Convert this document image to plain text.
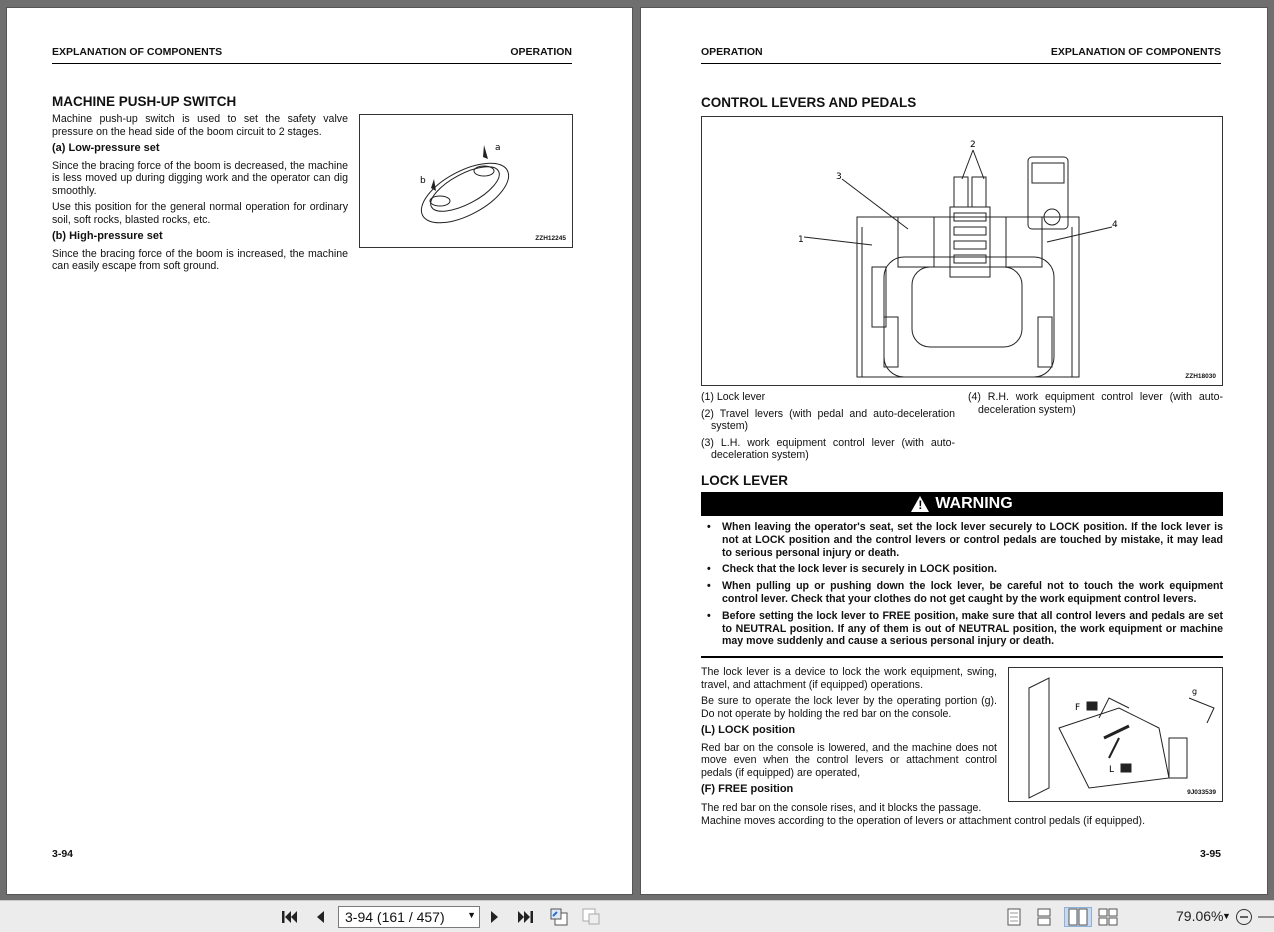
EXPLANATION OF COMPONENTS	OPERATION
MACHINE PUSH-UP SWITCH

Machine push-up switch is used to set the safety valve pressure on the head side of the boom circuit to 2 stages.

(a) Low-pressure set

Since the bracing force of the boom is decreased, the machine is less moved up during digging work and the operator can dig smoothly.

Use this position for the general normal operation for ordinary soil, soft rocks, blasted rocks, etc.

(b) High-pressure set

Since the bracing force of the boom is increased, the machine can easily escape from soft ground.

a
b
ZZH12245
3-94
OPERATION	EXPLANATION OF COMPONENTS
CONTROL LEVERS AND PEDALS
1
2
3
4
ZZH18030
(1) Lock lever
(2) Travel levers (with pedal and auto-deceleration system)
(3) L.H. work equipment control lever (with auto-deceleration system)
(4) R.H. work equipment control lever (with auto-deceleration system)
LOCK LEVER
!
WARNING
• When leaving the operator's seat, set the lock lever securely to LOCK position. If the lock lever is not at LOCK position and the control levers or control pedals are touched by mistake, it may lead to serious personal injury or death.
• Check that the lock lever is securely in LOCK position.
• When pulling up or pushing down the lock lever, be careful not to touch the work equipment control lever. Check that your clothes do not get caught by the work equipment control levers.
• Before setting the lock lever to FREE position, make sure that all control levers and pedals are set to NEUTRAL position. If any of them is out of NEUTRAL position, the work equipment or machine may move suddenly and cause a serious personal injury or death.

The lock lever is a device to lock the work equipment, swing, travel, and attachment (if equipped) operations.

Be sure to operate the lock lever by the operating portion (g). Do not operate by holding the red bar on the console.

(L) LOCK position

Red bar on the console is lowered, and the machine does not move even when the control levers or attachment control pedals (if equipped) are operated,

(F) FREE position
The red bar on the console rises, and it blocks the passage.
Machine moves according to the operation of levers or attachment control pedals (if equipped).
F
L
g
9J033539
3-95
3-94 (161 / 457) ▼	79.06%
▼
